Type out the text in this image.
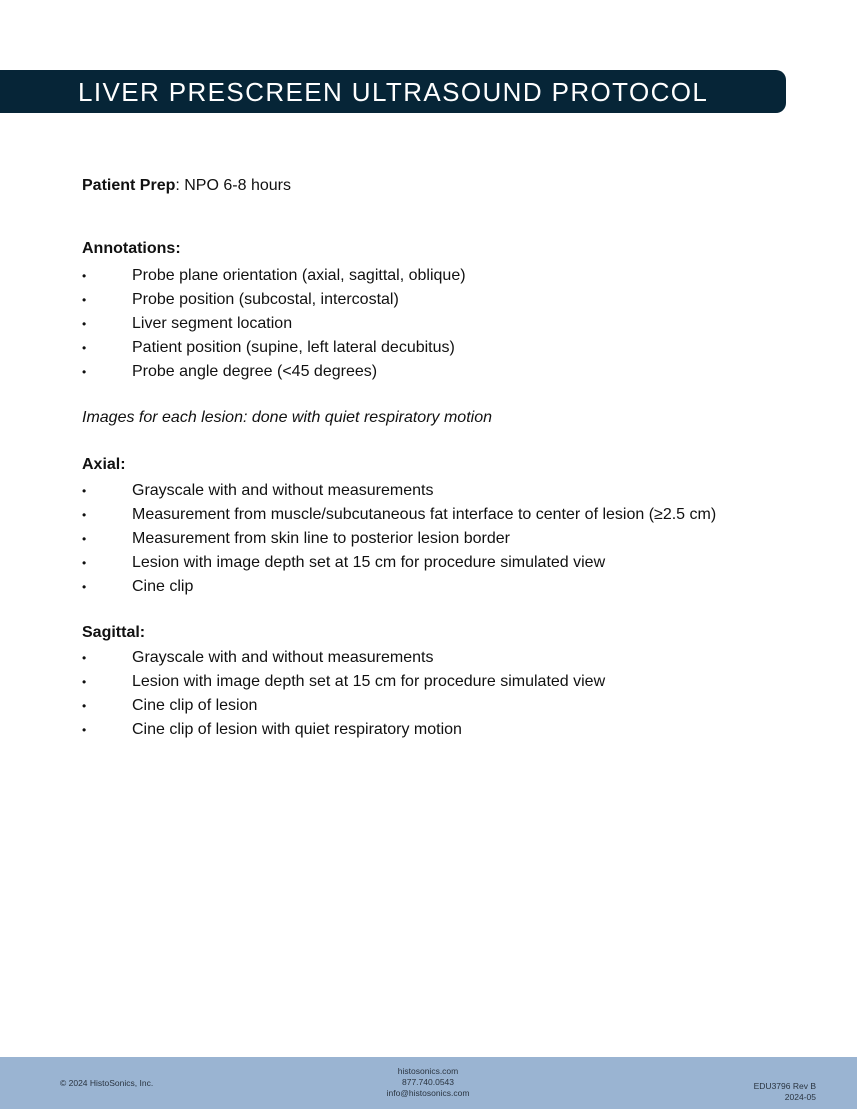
LIVER PRESCREEN ULTRASOUND PROTOCOL
Patient Prep: NPO 6-8 hours
Annotations:
•	Probe plane orientation (axial, sagittal, oblique)
•	Probe position (subcostal, intercostal)
•	Liver segment location
•	Patient position (supine, left lateral decubitus)
•	Probe angle degree (<45 degrees)
Images for each lesion: done with quiet respiratory motion
Axial:
•	Grayscale with and without measurements
•	Measurement from muscle/subcutaneous fat interface to center of lesion (≥2.5 cm)
•	Measurement from skin line to posterior lesion border
•	Lesion with image depth set at 15 cm for procedure simulated view
•	Cine clip
Sagittal:
•	Grayscale with and without measurements
•	Lesion with image depth set at 15 cm for procedure simulated view
•	Cine clip of lesion
•	Cine clip of lesion with quiet respiratory motion
© 2024 HistoSonics, Inc.
histosonics.com
877.740.0543
info@histosonics.com
EDU3796 Rev B
2024-05
